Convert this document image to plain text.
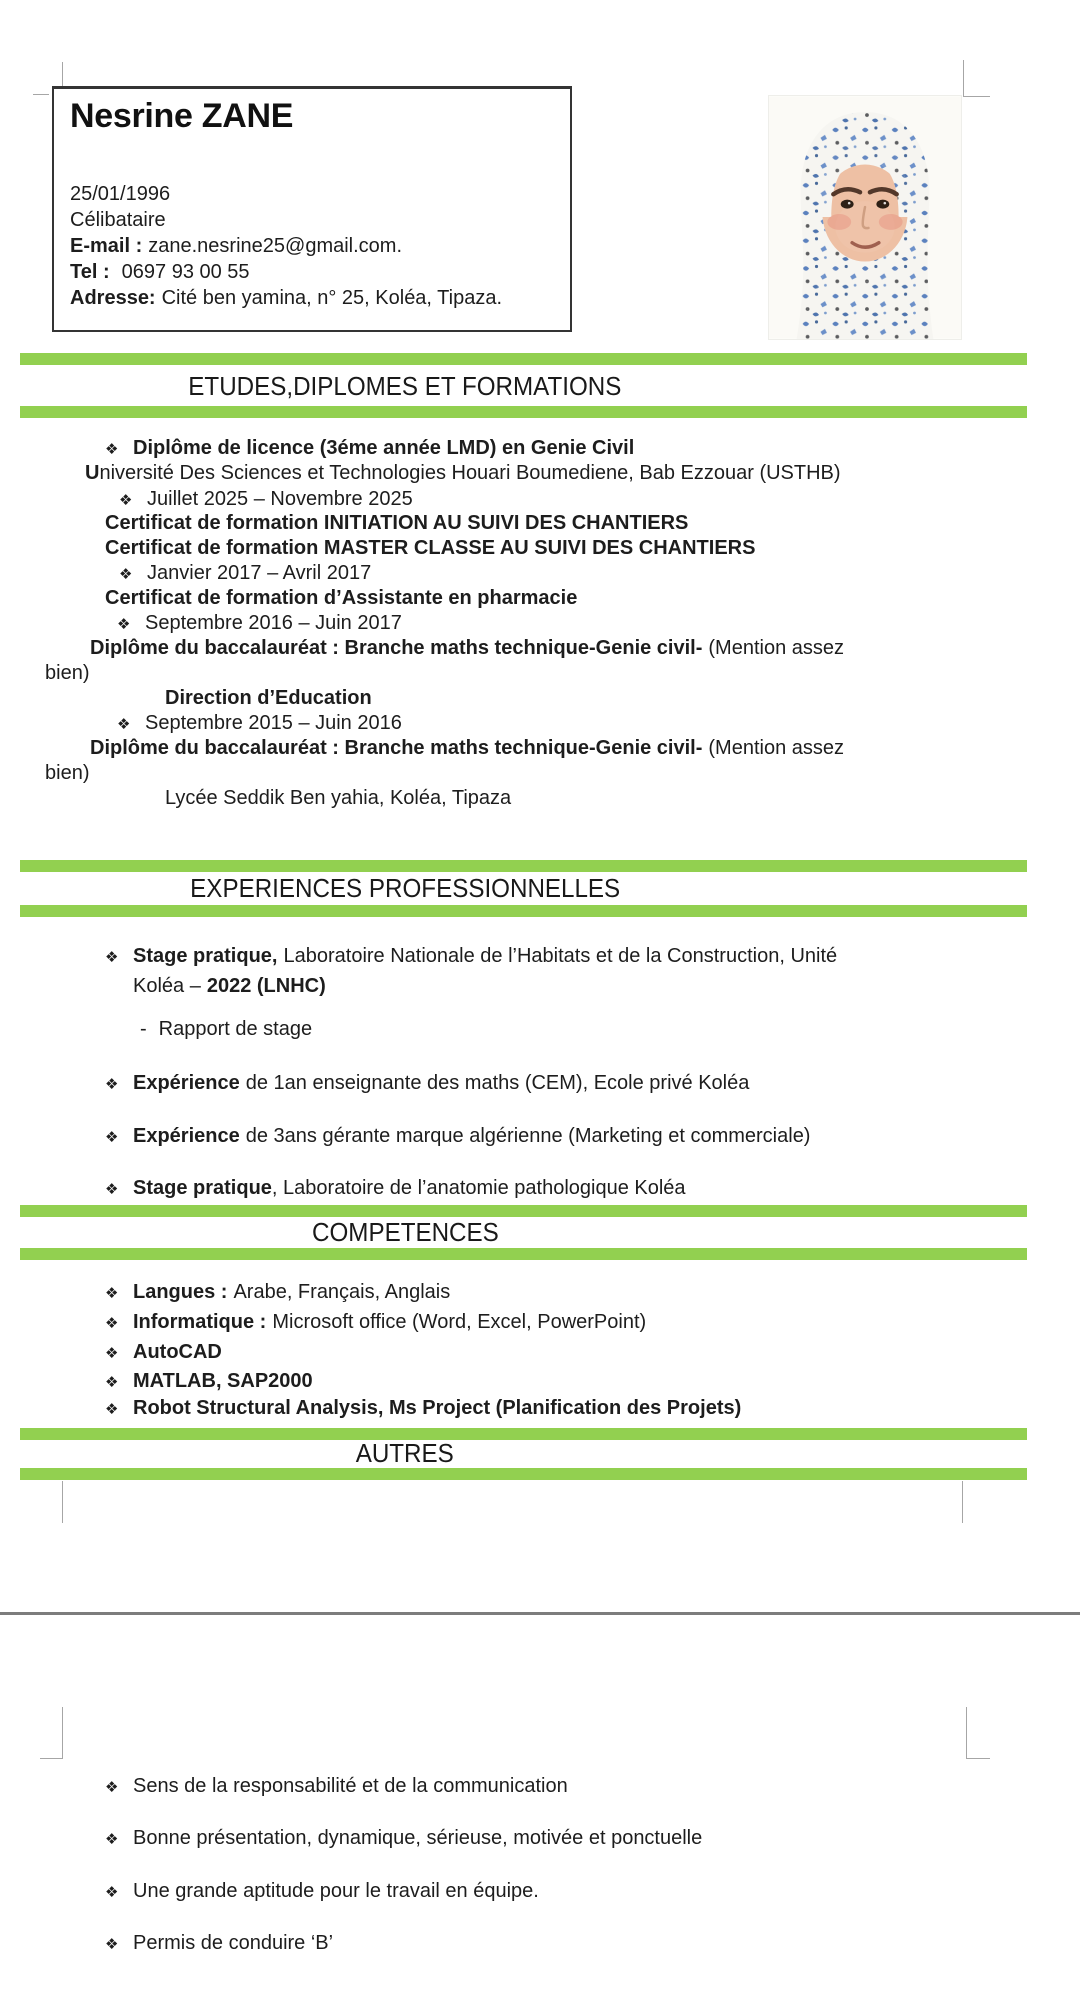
Nesrine ZANE
25/01/1996
Célibataire
E-mail : zane.nesrine25@gmail.com.
Tel : 0697 93 00 55
Adresse: Cité ben yamina, n° 25, Koléa, Tipaza.
ETUDES,DIPLOMES ET FORMATIONS
❖ Diplôme de licence (3éme année LMD) en Genie Civil
Université Des Sciences et Technologies Houari Boumediene, Bab Ezzouar (USTHB)
❖ Juillet 2025 – Novembre 2025
Certificat de formation INITIATION AU SUIVI DES CHANTIERS
Certificat de formation MASTER CLASSE AU SUIVI DES CHANTIERS
❖ Janvier 2017 – Avril 2017
Certificat de formation d’Assistante en pharmacie
❖ Septembre 2016 – Juin 2017
Diplôme du baccalauréat : Branche maths technique-Genie civil- (Mention assez
bien)
Direction d’Education
❖ Septembre 2015 – Juin 2016
Diplôme du baccalauréat : Branche maths technique-Genie civil- (Mention assez
bien)
Lycée Seddik Ben yahia, Koléa, Tipaza
EXPERIENCES PROFESSIONNELLES
❖ Stage pratique, Laboratoire Nationale de l’Habitats et de la Construction, Unité
Koléa – 2022 (LNHC)
- Rapport de stage
❖ Expérience de 1an enseignante des maths (CEM), Ecole privé Koléa
❖ Expérience de 3ans gérante marque algérienne (Marketing et commerciale)
❖ Stage pratique, Laboratoire de l’anatomie pathologique Koléa
COMPETENCES
❖ Langues : Arabe, Français, Anglais
❖ Informatique : Microsoft office (Word, Excel, PowerPoint)
❖ AutoCAD
❖ MATLAB, SAP2000
❖ Robot Structural Analysis, Ms Project (Planification des Projets)
AUTRES
❖ Sens de la responsabilité et de la communication
❖ Bonne présentation, dynamique, sérieuse, motivée et ponctuelle
❖ Une grande aptitude pour le travail en équipe.
❖ Permis de conduire ‘B’
